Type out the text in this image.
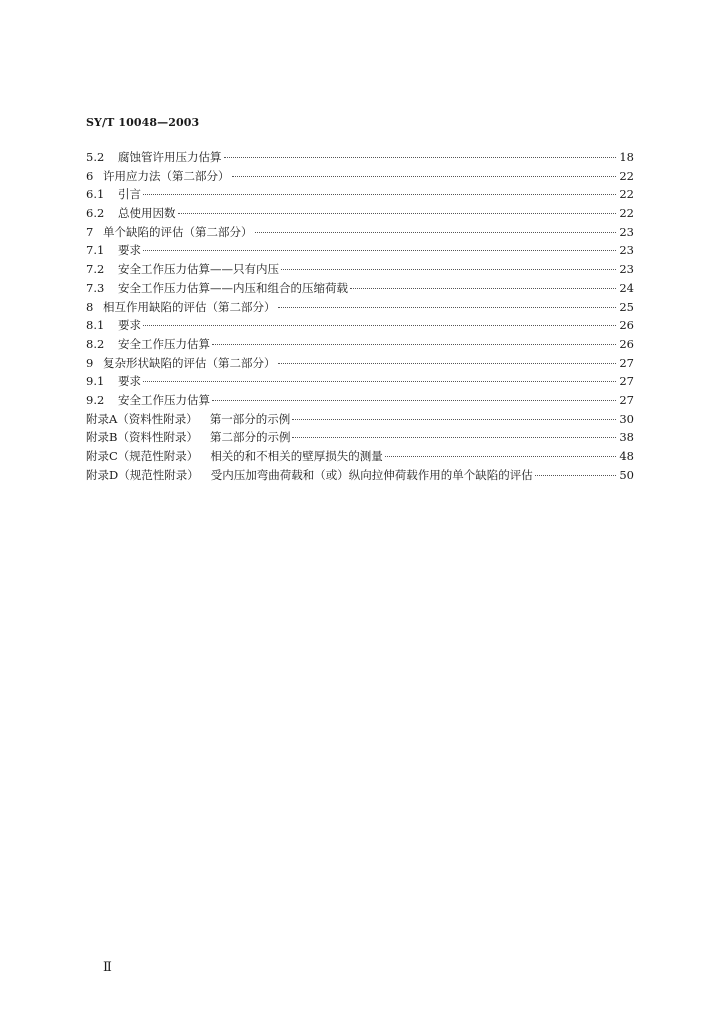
SY/T 10048—2003
5.2	腐蚀管许用压力估算	18
6 许用应力法（第二部分）	22
6.1	引言	22
6.2	总使用因数	22
7 单个缺陷的评估（第二部分）	23
7.1	要求	23
7.2	安全工作压力估算——只有内压	23
7.3	安全工作压力估算——内压和组合的压缩荷载	24
8 相互作用缺陷的评估（第二部分）	25
8.1	要求	26
8.2	安全工作压力估算	26
9 复杂形状缺陷的评估（第二部分）	27
9.1	要求	27
9.2	安全工作压力估算	27
附录A（资料性附录） 第一部分的示例	30
附录B（资料性附录） 第二部分的示例	38
附录C（规范性附录） 相关的和不相关的壁厚损失的测量	48
附录D（规范性附录） 受内压加弯曲荷载和（或）纵向拉伸荷载作用的单个缺陷的评估	50
Ⅱ
